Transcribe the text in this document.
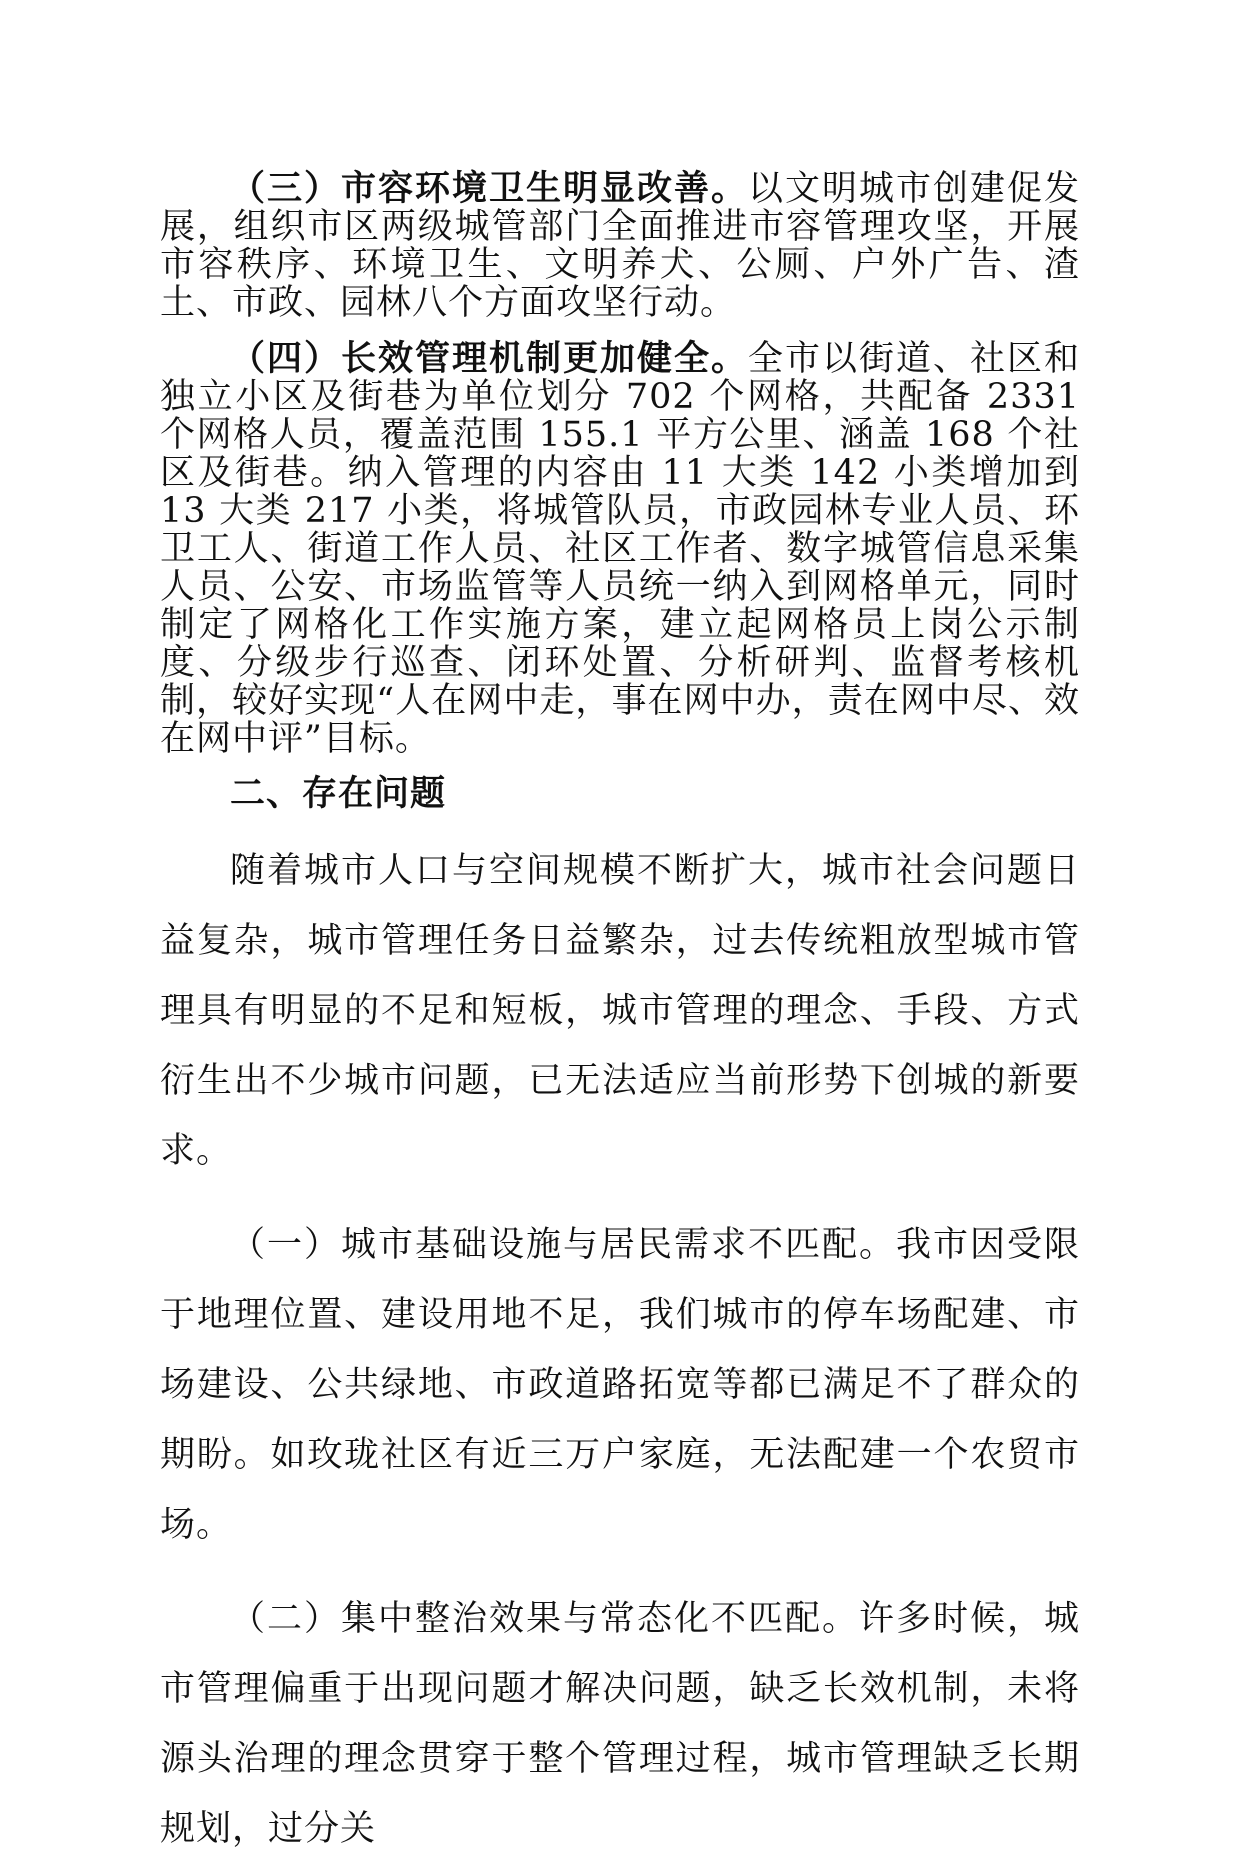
（三）市容环境卫生明显改善。以文明城市创建促发展，组织市区两级城管部门全面推进市容管理攻坚，开展市容秩序、环境卫生、文明养犬、公厕、户外广告、渣土、市政、园林八个方面攻坚行动。

（四）长效管理机制更加健全。全市以街道、社区和独立小区及街巷为单位划分 702 个网格，共配备 2331 个网格人员，覆盖范围 155.1 平方公里、涵盖 168 个社区及街巷。纳入管理的内容由 11 大类 142 小类增加到 13 大类 217 小类，将城管队员，市政园林专业人员、环卫工人、街道工作人员、社区工作者、数字城管信息采集人员、公安、市场监管等人员统一纳入到网格单元，同时制定了网格化工作实施方案，建立起网格员上岗公示制度、分级步行巡查、闭环处置、分析研判、监督考核机制，较好实现“人在网中走，事在网中办，责在网中尽、效在网中评”目标。

二、存在问题

随着城市人口与空间规模不断扩大，城市社会问题日益复杂，城市管理任务日益繁杂，过去传统粗放型城市管理具有明显的不足和短板，城市管理的理念、手段、方式衍生出不少城市问题，已无法适应当前形势下创城的新要求。

（一）城市基础设施与居民需求不匹配。我市因受限于地理位置、建设用地不足，我们城市的停车场配建、市场建设、公共绿地、市政道路拓宽等都已满足不了群众的期盼。如玫珑社区有近三万户家庭，无法配建一个农贸市场。

（二）集中整治效果与常态化不匹配。许多时候，城市管理偏重于出现问题才解决问题，缺乏长效机制，未将源头治理的理念贯穿于整个管理过程，城市管理缺乏长期规划，过分关
